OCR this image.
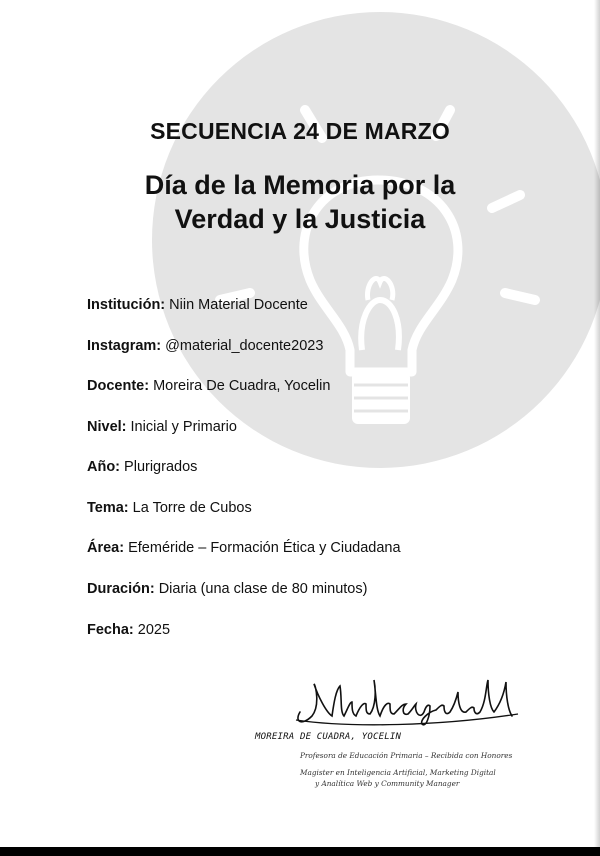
SECUENCIA 24 DE MARZO
Día de la Memoria por la
Verdad y la Justicia
Institución: Niin Material Docente
Instagram: @material_docente2023
Docente: Moreira De Cuadra, Yocelin
Nivel: Inicial y Primario
Año: Plurigrados
Tema: La Torre de Cubos
Área: Efeméride – Formación Ética y Ciudadana
Duración: Diaria (una clase de 80 minutos)
Fecha: 2025
MOREIRA DE CUADRA, YOCELIN
Profesora de Educación Primaria – Recibida con Honores
Magister en Inteligencia Artificial, Marketing Digital
y Analítica Web y Community Manager
